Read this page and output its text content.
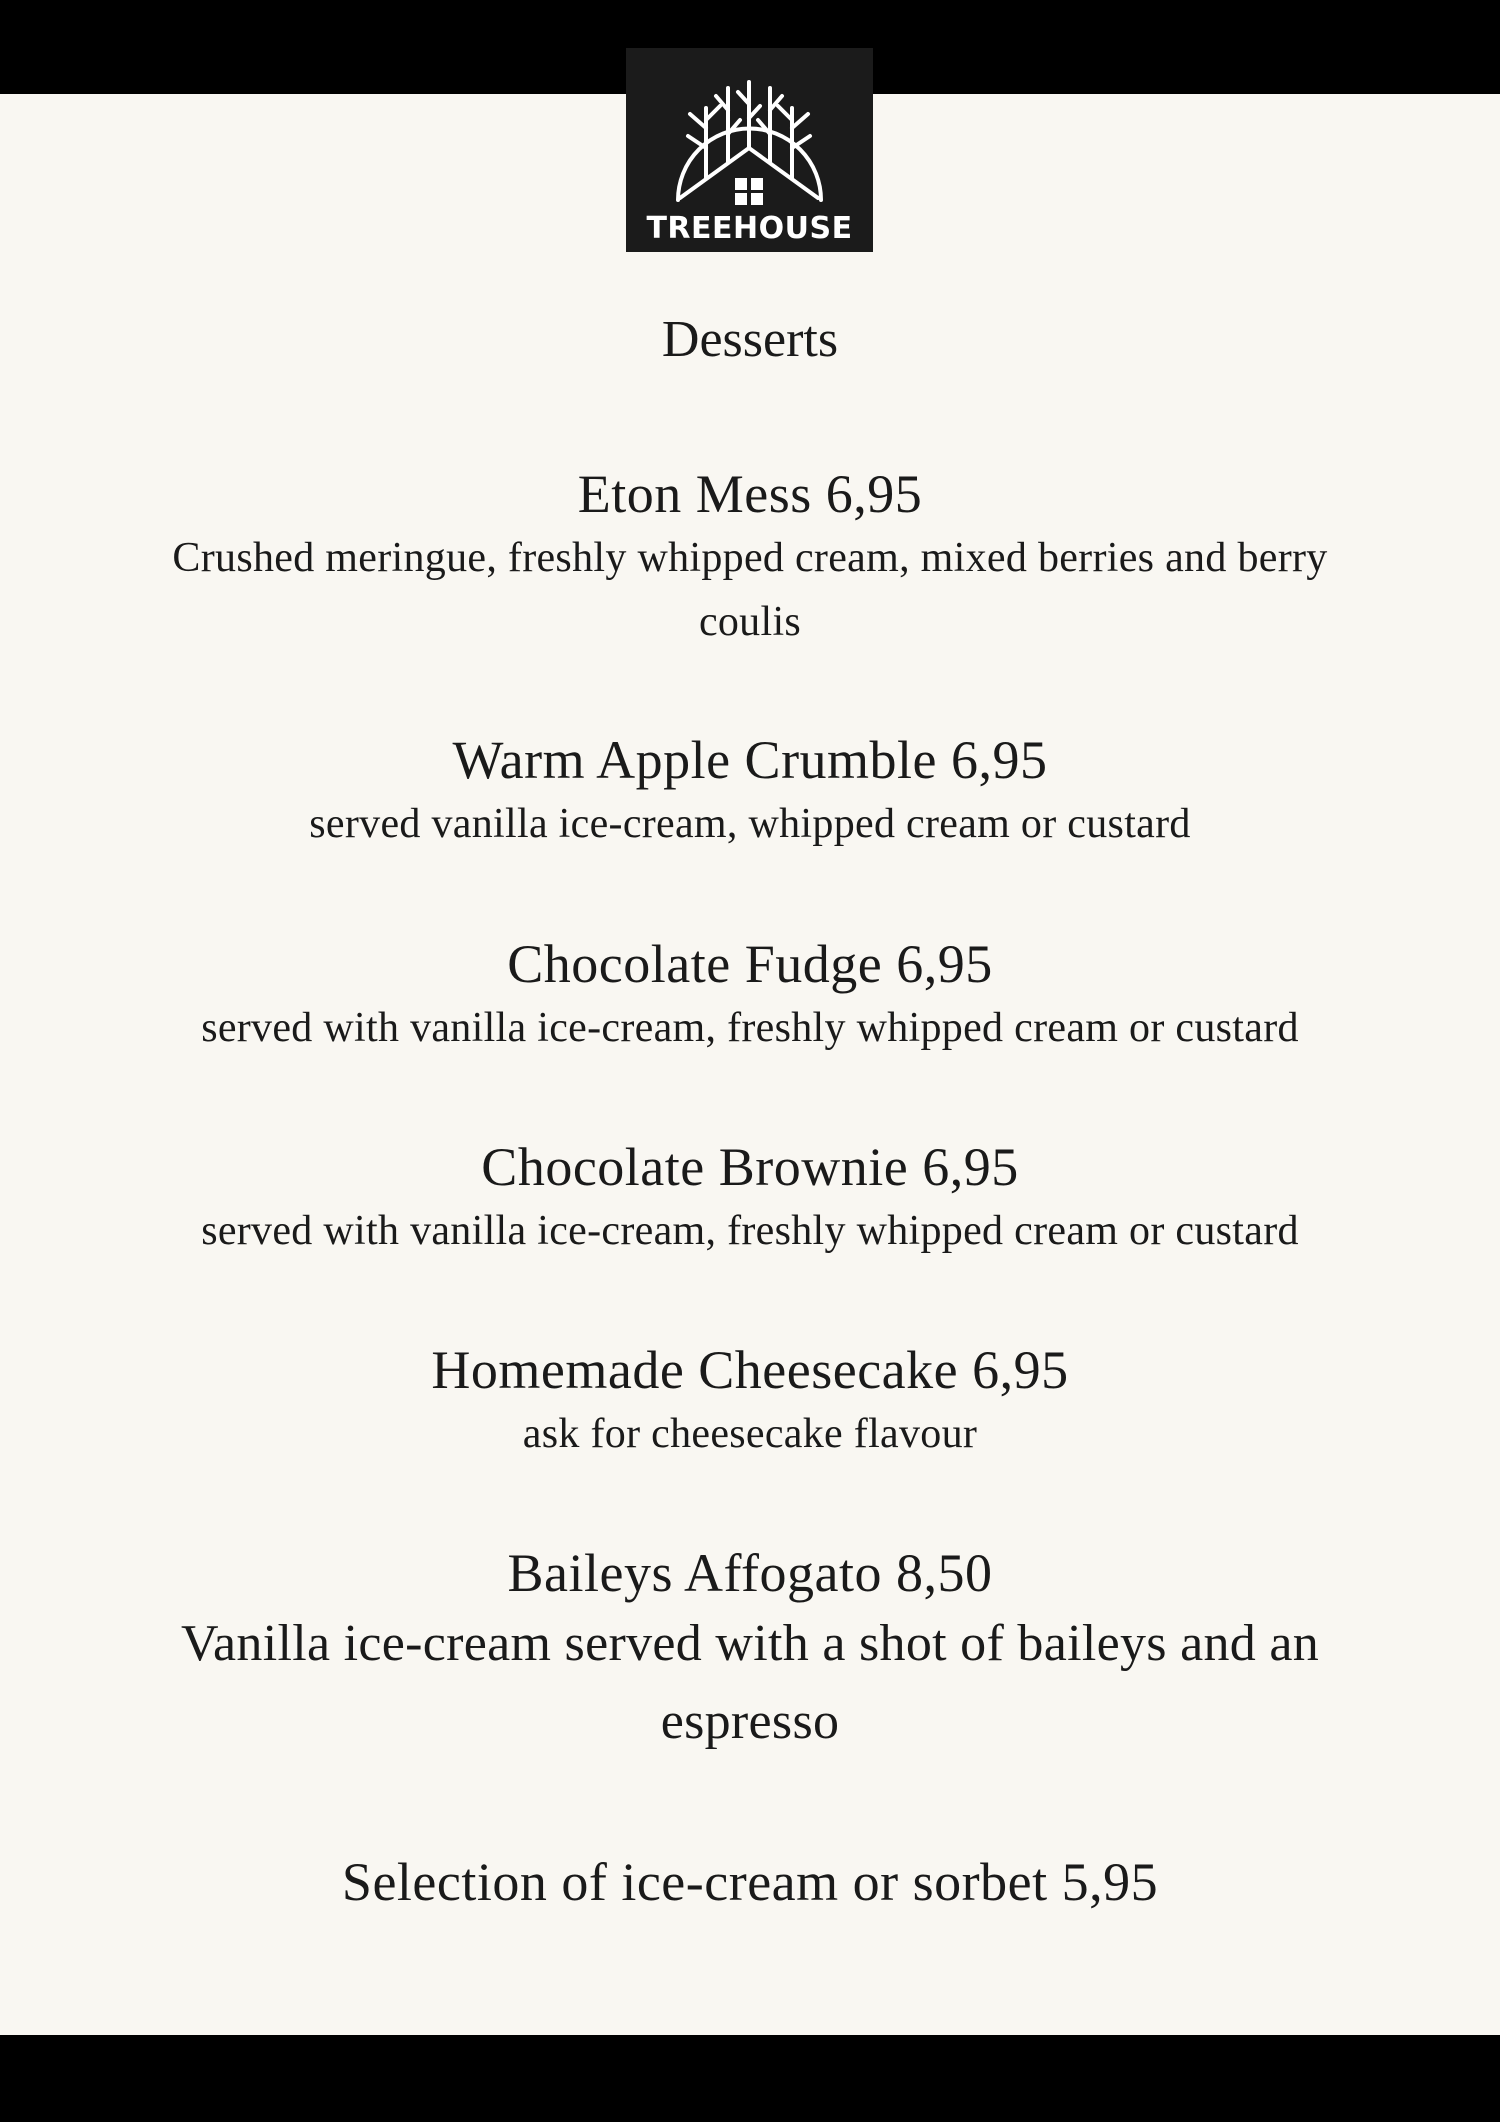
TREEHOUSE
Desserts
Eton Mess 6,95
Crushed meringue, freshly whipped cream, mixed berries and berry coulis
Warm Apple Crumble 6,95
served vanilla ice-cream, whipped cream or custard
Chocolate Fudge 6,95
served with vanilla ice-cream, freshly whipped cream or custard
Chocolate Brownie 6,95
served with vanilla ice-cream, freshly whipped cream or custard
Homemade Cheesecake 6,95
ask for cheesecake flavour
Baileys Affogato 8,50
Vanilla ice-cream served with a shot of baileys and an espresso
Selection of ice-cream or sorbet 5,95
